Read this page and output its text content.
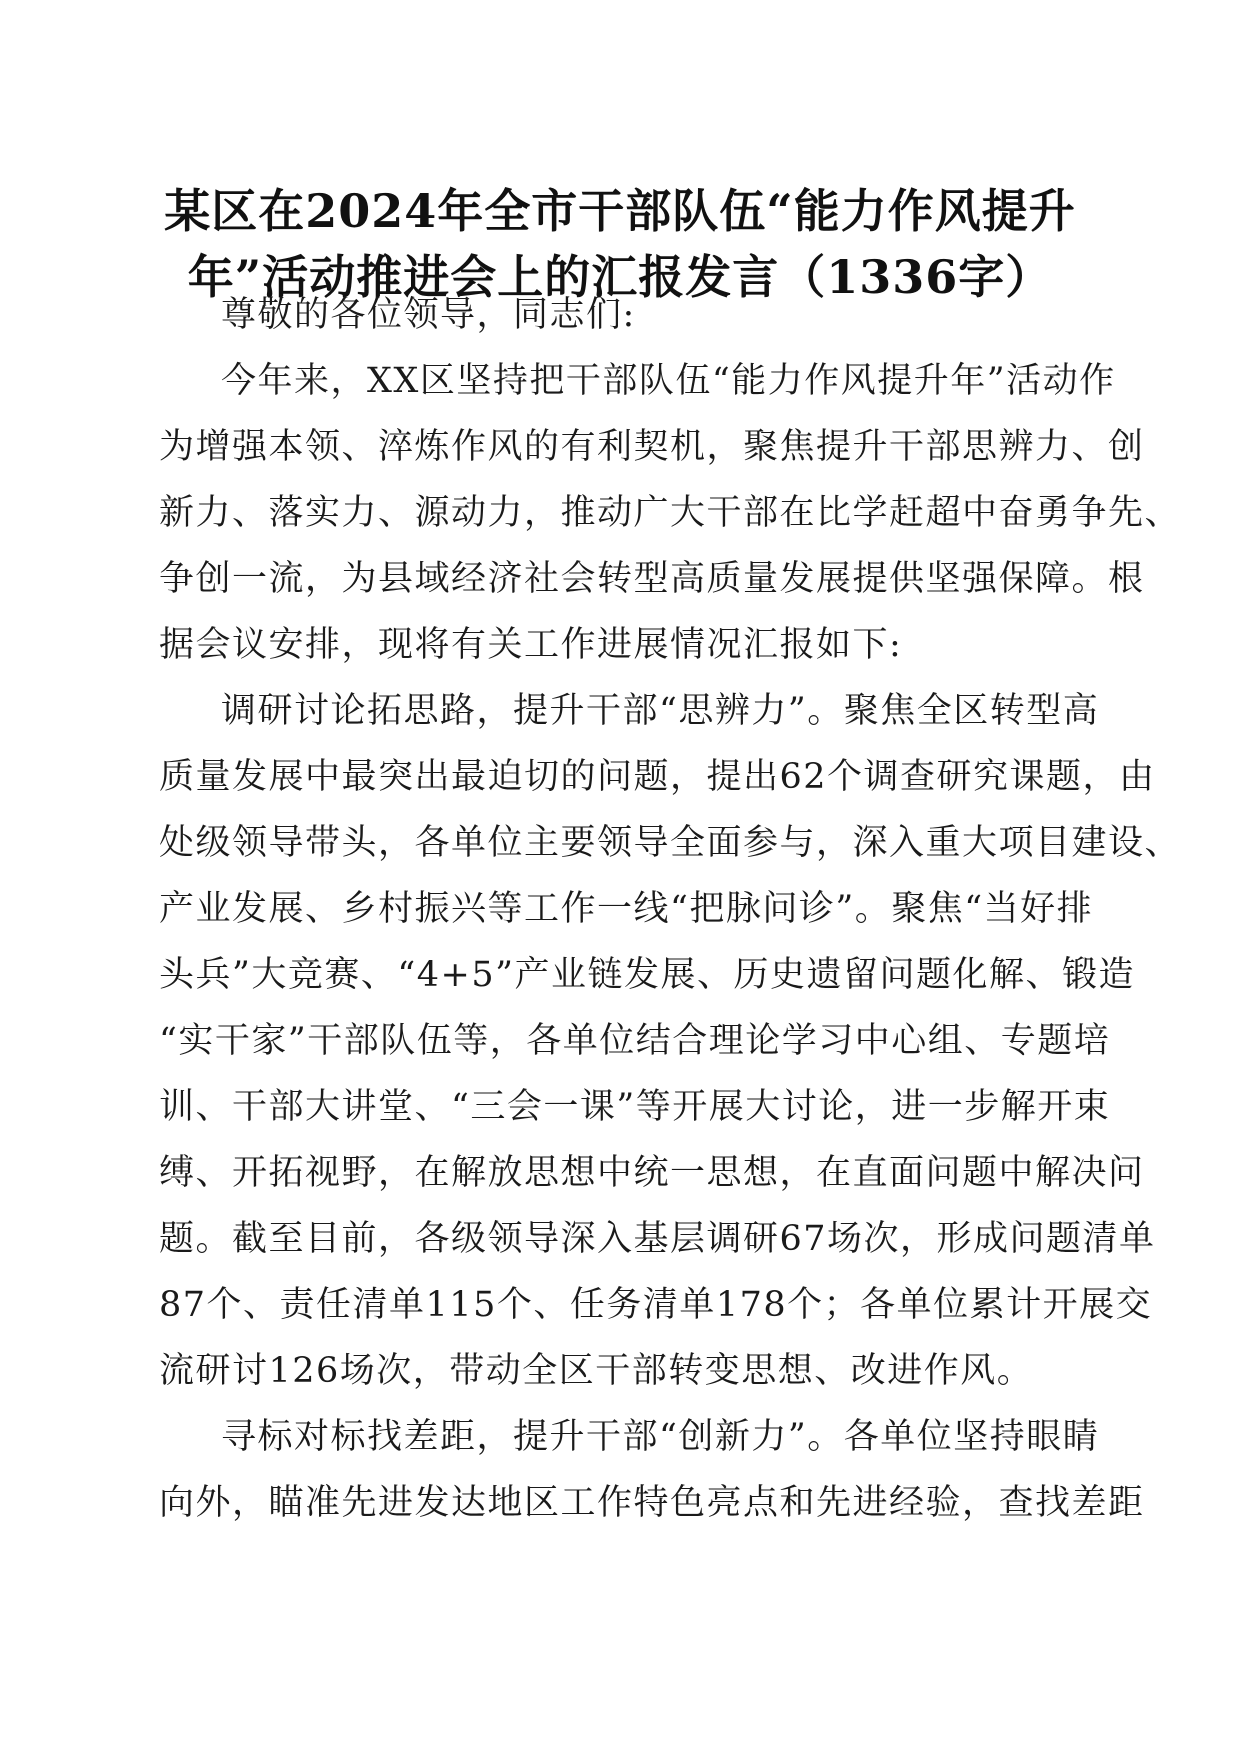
某区在2024年全市干部队伍“能力作风提升
年”活动推进会上的汇报发言（1336字）

尊敬的各位领导，同志们:

今年来，XX区坚持把干部队伍“能力作风提升年”活动作
为增强本领、淬炼作风的有利契机，聚焦提升干部思辨力、创
新力、落实力、源动力，推动广大干部在比学赶超中奋勇争先、
争创一流，为县域经济社会转型高质量发展提供坚强保障。根
据会议安排，现将有关工作进展情况汇报如下:

调研讨论拓思路，提升干部“思辨力”。聚焦全区转型高
质量发展中最突出最迫切的问题，提出62个调查研究课题，由
处级领导带头，各单位主要领导全面参与，深入重大项目建设、
产业发展、乡村振兴等工作一线“把脉问诊”。聚焦“当好排
头兵”大竞赛、“4+5”产业链发展、历史遗留问题化解、锻造
“实干家”干部队伍等，各单位结合理论学习中心组、专题培
训、干部大讲堂、“三会一课”等开展大讨论，进一步解开束
缚、开拓视野，在解放思想中统一思想，在直面问题中解决问
题。截至目前，各级领导深入基层调研67场次，形成问题清单
87个、责任清单115个、任务清单178个；各单位累计开展交
流研讨126场次，带动全区干部转变思想、改进作风。

寻标对标找差距，提升干部“创新力”。各单位坚持眼睛
向外，瞄准先进发达地区工作特色亮点和先进经验，查找差距
